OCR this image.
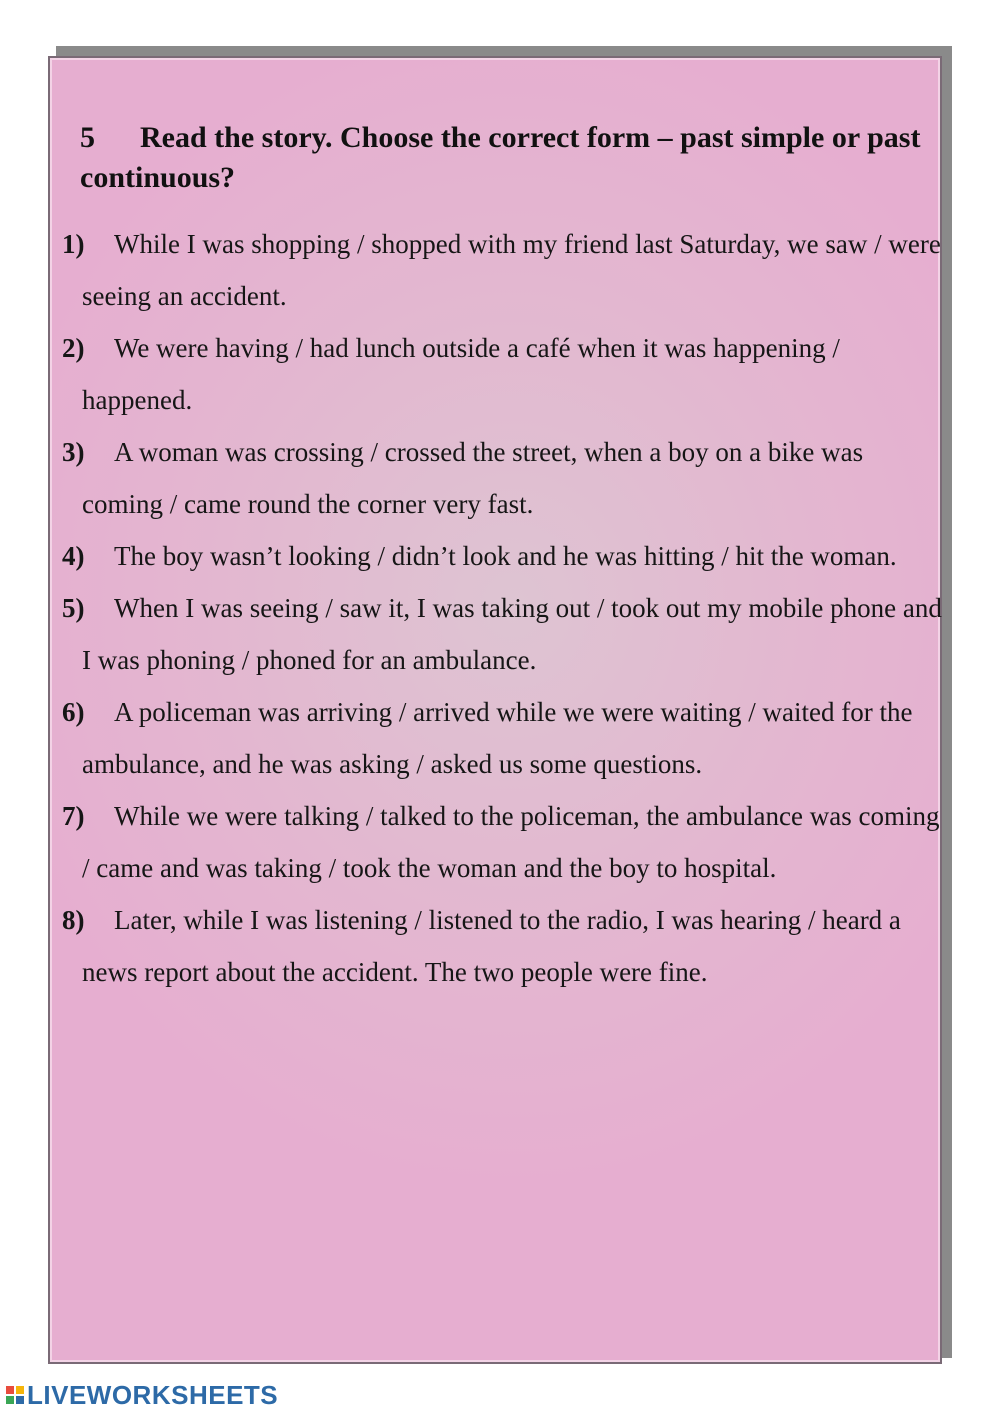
5 Read the story. Choose the correct form – past simple or past continuous?
1) While I was shopping / shopped with my friend last Saturday, we saw / were seeing an accident.
2) We were having / had lunch outside a café when it was happening / happened.
3) A woman was crossing / crossed the street, when a boy on a bike was coming / came round the corner very fast.
4) The boy wasn’t looking / didn’t look and he was hitting / hit the woman.
5) When I was seeing / saw it, I was taking out / took out my mobile phone and I was phoning / phoned for an ambulance.
6) A policeman was arriving / arrived while we were waiting / waited for the ambulance, and he was asking / asked us some questions.
7) While we were talking / talked to the policeman, the ambulance was coming / came and was taking / took the woman and the boy to hospital.
8) Later, while I was listening / listened to the radio, I was hearing / heard a news report about the accident. The two people were fine.
LIVEWORKSHEETS
